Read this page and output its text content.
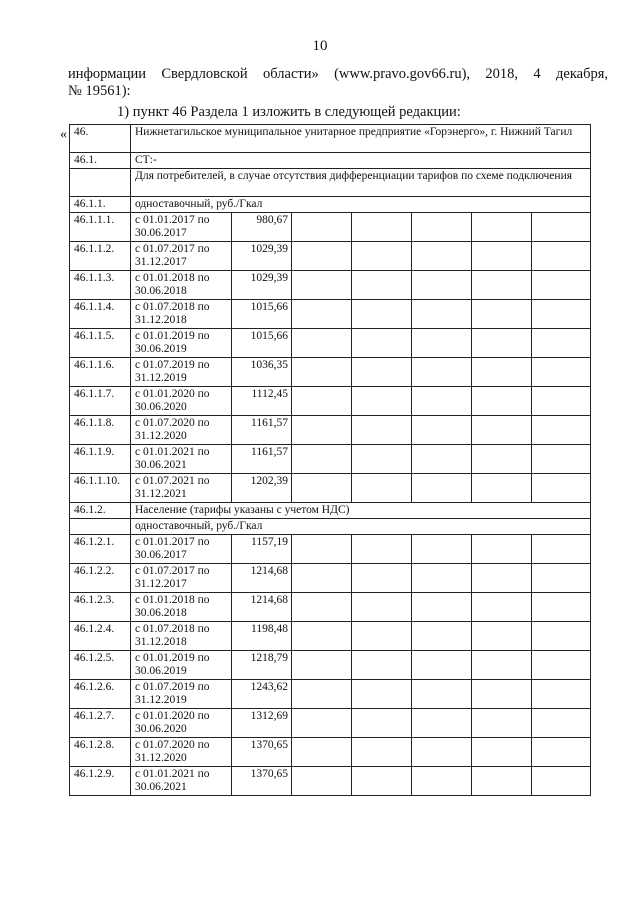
10
информации Свердловской области» (www.pravo.gov66.ru), 2018, 4 декабря,
№ 19561):
1) пункт 46 Раздела 1 изложить в следующей редакции:
« 46.	Нижнетагильское муниципальное унитарное предприятие «Горэнерго», г. Нижний Тагил						
46.1.	СТ:-						
	Для потребителей, в случае отсутствия дифференциации тарифов по схеме подключения						
46.1.1.	одноставочный, руб./Гкал						
46.1.1.1.	с 01.01.2017 по 30.06.2017	980,67					
46.1.1.2.	с 01.07.2017 по 31.12.2017	1029,39					
46.1.1.3.	с 01.01.2018 по 30.06.2018	1029,39					
46.1.1.4.	с 01.07.2018 по 31.12.2018	1015,66					
46.1.1.5.	с 01.01.2019 по 30.06.2019	1015,66					
46.1.1.6.	с 01.07.2019 по 31.12.2019	1036,35					
46.1.1.7.	с 01.01.2020 по 30.06.2020	1112,45					
46.1.1.8.	с 01.07.2020 по 31.12.2020	1161,57					
46.1.1.9.	с 01.01.2021 по 30.06.2021	1161,57					
46.1.1.10.	с 01.07.2021 по 31.12.2021	1202,39					
46.1.2.	Население (тарифы указаны с учетом НДС)						
	одноставочный, руб./Гкал						
46.1.2.1.	с 01.01.2017 по 30.06.2017	1157,19					
46.1.2.2.	с 01.07.2017 по 31.12.2017	1214,68					
46.1.2.3.	с 01.01.2018 по 30.06.2018	1214,68					
46.1.2.4.	с 01.07.2018 по 31.12.2018	1198,48					
46.1.2.5.	с 01.01.2019 по 30.06.2019	1218,79					
46.1.2.6.	с 01.07.2019 по 31.12.2019	1243,62					
46.1.2.7.	с 01.01.2020 по 30.06.2020	1312,69					
46.1.2.8.	с 01.07.2020 по 31.12.2020	1370,65					
46.1.2.9.	с 01.01.2021 по 30.06.2021	1370,65					
